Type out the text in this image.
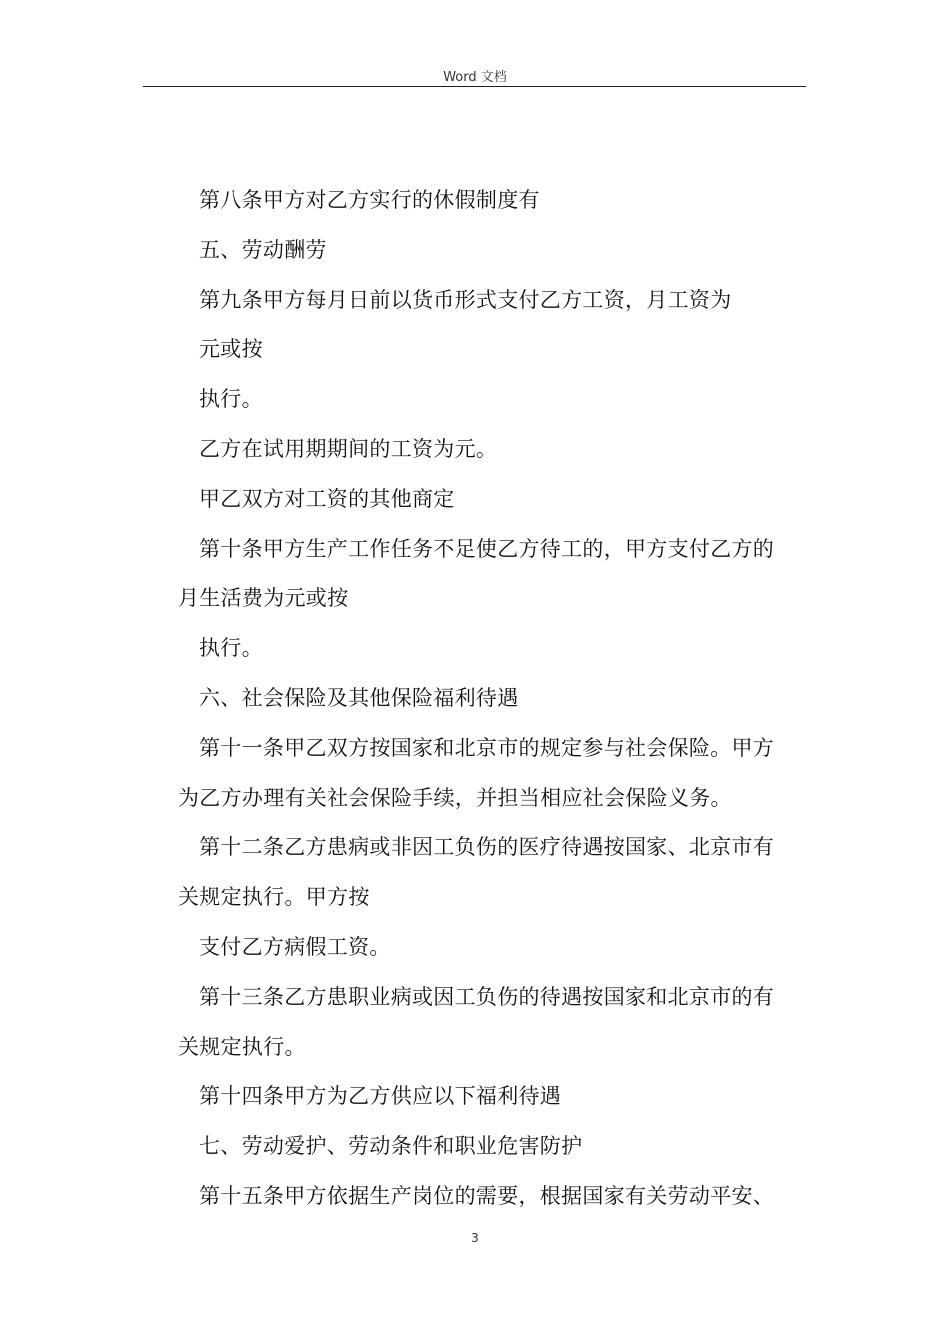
Word 文档

第八条甲方对乙方实行的休假制度有

五、劳动酬劳

第九条甲方每月日前以货币形式支付乙方工资，月工资为

元或按

执行。

乙方在试用期期间的工资为元。

甲乙双方对工资的其他商定

第十条甲方生产工作任务不足使乙方待工的，甲方支付乙方的

月生活费为元或按

执行。

六、社会保险及其他保险福利待遇

第十一条甲乙双方按国家和北京市的规定参与社会保险。甲方

为乙方办理有关社会保险手续，并担当相应社会保险义务。

第十二条乙方患病或非因工负伤的医疗待遇按国家、北京市有

关规定执行。甲方按

支付乙方病假工资。

第十三条乙方患职业病或因工负伤的待遇按国家和北京市的有

关规定执行。

第十四条甲方为乙方供应以下福利待遇

七、劳动爱护、劳动条件和职业危害防护

第十五条甲方依据生产岗位的需要，根据国家有关劳动平安、

3
